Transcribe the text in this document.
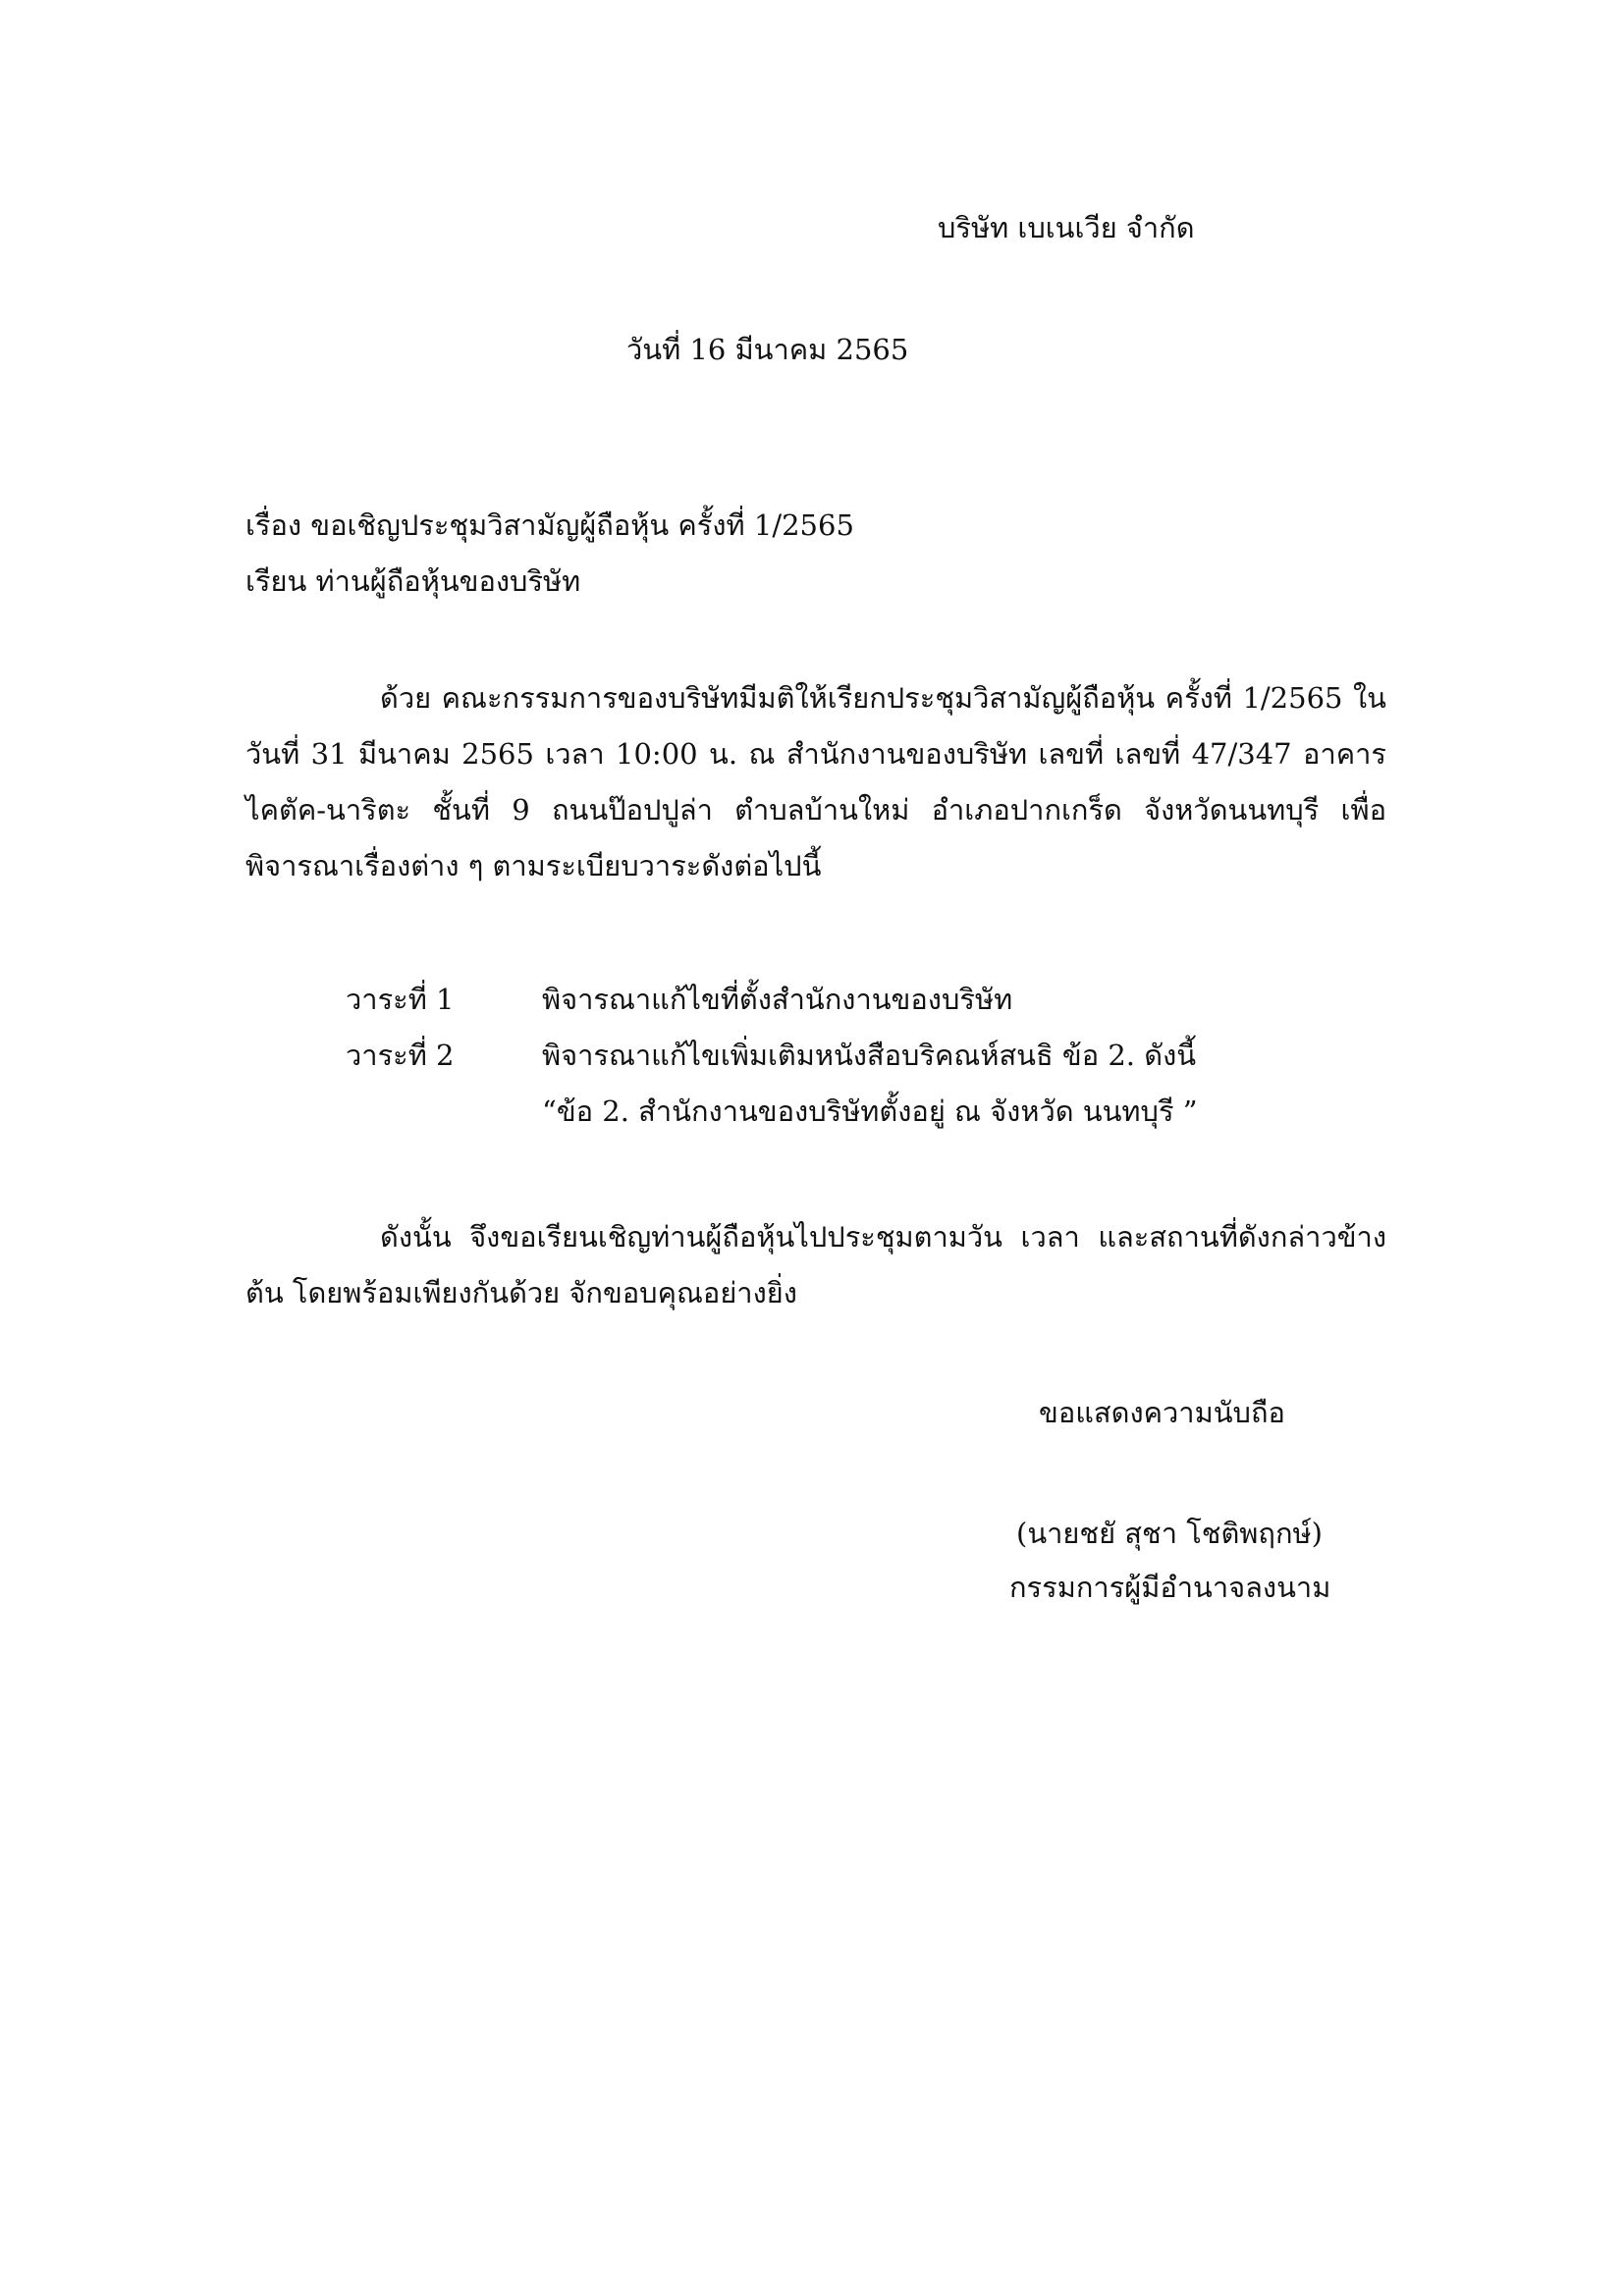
บริษัท เบเนเวีย จำกัด
วันที่ 16 มีนาคม 2565
เรื่อง ขอเชิญประชุมวิสามัญผู้ถือหุ้น ครั้งที่ 1/2565
เรียน ท่านผู้ถือหุ้นของบริษัท
ด้วย คณะกรรมการของบริษัทมีมติให้เรียกประชุมวิสามัญผู้ถือหุ้น ครั้งที่ 1/2565 ในวันที่ 31 มีนาคม 2565 เวลา 10:00 น. ณ สำนักงานของบริษัท เลขที่ เลขที่ 47/347 อาคารไคตัค-นาริตะ ชั้นที่ 9 ถนนป๊อปปูล่า ตำบลบ้านใหม่ อำเภอปากเกร็ด จังหวัดนนทบุรี เพื่อพิจารณาเรื่องต่าง ๆ ตามระเบียบวาระดังต่อไปนี้
วาระที่ 1	พิจารณาแก้ไขที่ตั้งสำนักงานของบริษัท
วาระที่ 2	พิจารณาแก้ไขเพิ่มเติมหนังสือบริคณห์สนธิ ข้อ 2. ดังนี้
“ข้อ 2. สำนักงานของบริษัทตั้งอยู่ ณ จังหวัด นนทบุรี ”
ดังนั้น จึงขอเรียนเชิญท่านผู้ถือหุ้นไปประชุมตามวัน เวลา และสถานที่ดังกล่าวข้างต้น โดยพร้อมเพียงกันด้วย จักขอบคุณอย่างยิ่ง
ขอแสดงความนับถือ
(นายชยั สุชา โชติพฤกษ์)
กรรมการผู้มีอำนาจลงนาม
